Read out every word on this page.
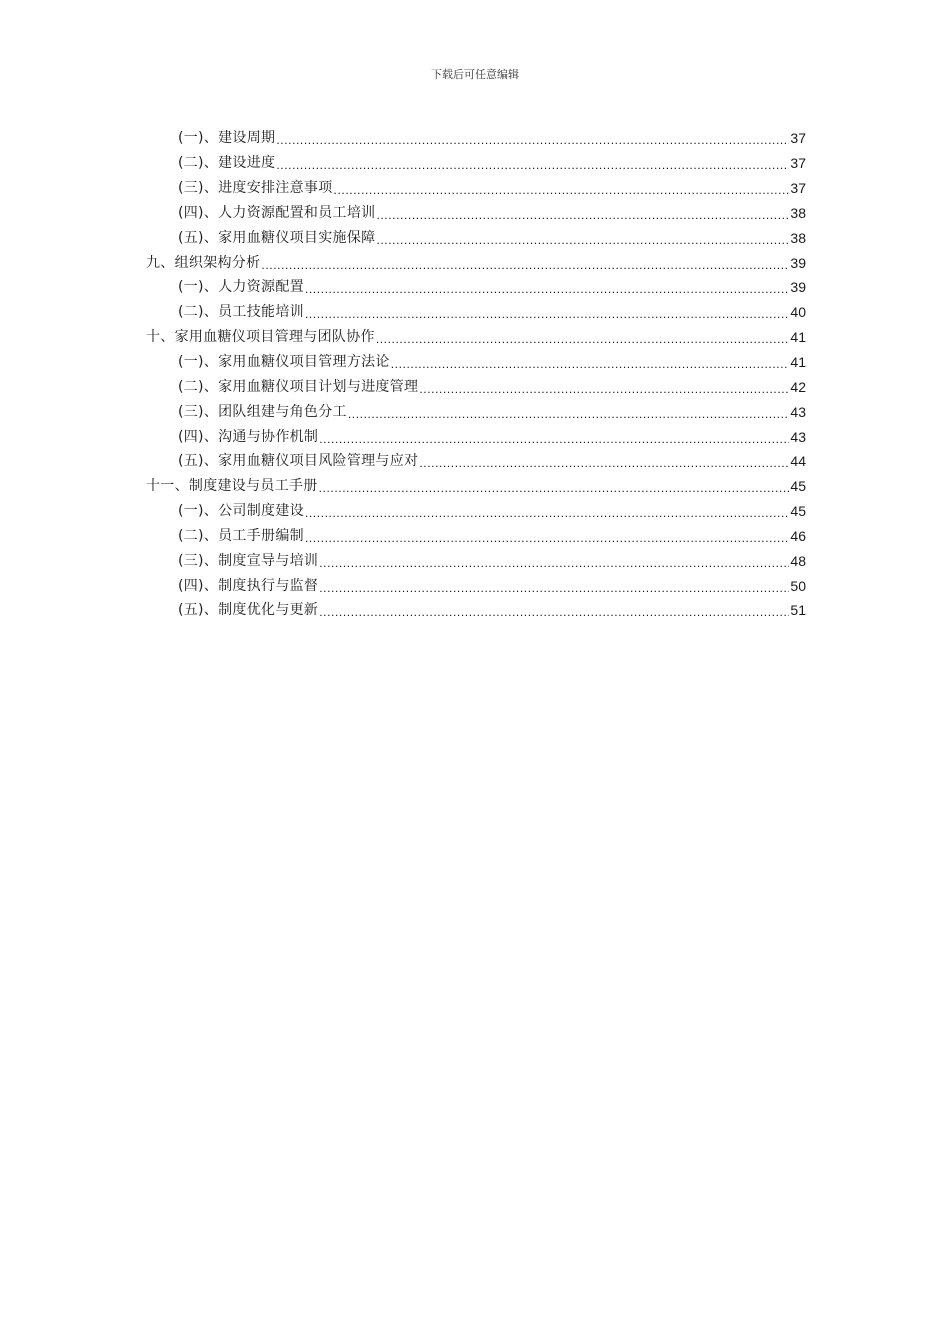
下载后可任意编辑
(一)、建设周期 .....	37
(二)、建设进度 .....	37
(三)、进度安排注意事项 .....	37
(四)、人力资源配置和员工培训 .....	38
(五)、家用血糖仪项目实施保障 .....	38
九、组织架构分析 .....	39
(一)、人力资源配置 .....	39
(二)、员工技能培训 .....	40
十、家用血糖仪项目管理与团队协作 .....	41
(一)、家用血糖仪项目管理方法论 .....	41
(二)、家用血糖仪项目计划与进度管理 .....	42
(三)、团队组建与角色分工 .....	43
(四)、沟通与协作机制 .....	43
(五)、家用血糖仪项目风险管理与应对 .....	44
十一、制度建设与员工手册 .....	45
(一)、公司制度建设 .....	45
(二)、员工手册编制 .....	46
(三)、制度宣导与培训 .....	48
(四)、制度执行与监督 .....	50
(五)、制度优化与更新 .....	51
